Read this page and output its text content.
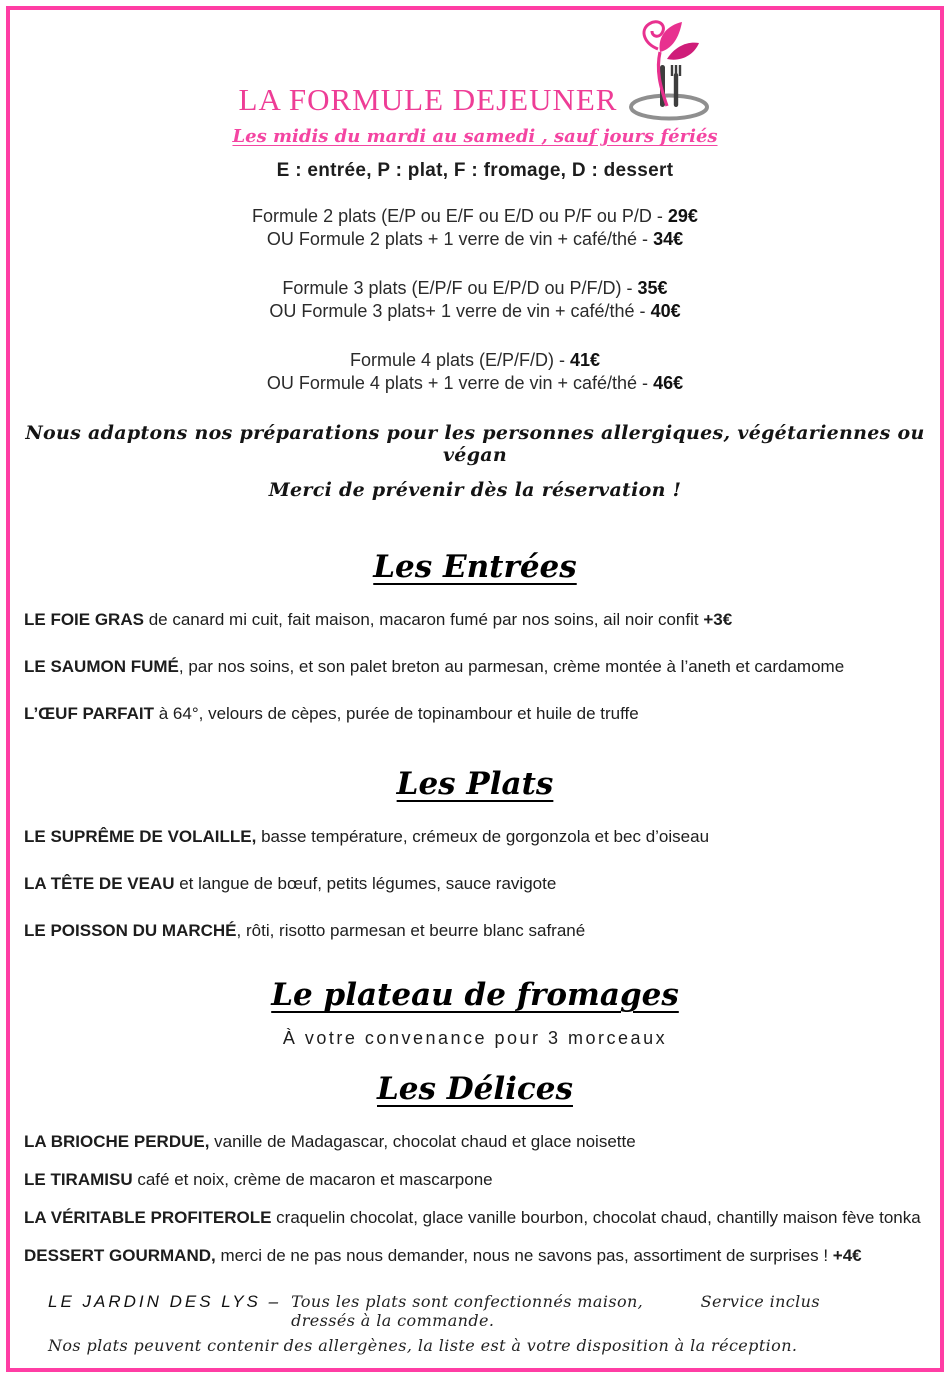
LA FORMULE DEJEUNER
Les midis du mardi au samedi , sauf jours fériés
E : entrée, P : plat, F : fromage, D : dessert
Formule 2 plats (E/P ou E/F ou E/D ou P/F ou P/D - 29€
OU Formule 2 plats + 1 verre de vin + café/thé - 34€
Formule 3 plats (E/P/F ou E/P/D ou P/F/D) - 35€
OU Formule 3 plats+ 1 verre de vin + café/thé - 40€
Formule 4 plats (E/P/F/D) - 41€
OU Formule 4 plats + 1 verre de vin + café/thé - 46€

Nous adaptons nos préparations pour les personnes allergiques, végétariennes ou végan

Merci de prévenir dès la réservation !

Les Entrées
LE FOIE GRAS de canard mi cuit, fait maison, macaron fumé par nos soins, ail noir confit +3€
LE SAUMON FUMÉ, par nos soins, et son palet breton au parmesan, crème montée à l’aneth et cardamome
L’ŒUF PARFAIT à 64°, velours de cèpes, purée de topinambour et huile de truffe
Les Plats
LE SUPRÊME DE VOLAILLE, basse température, crémeux de gorgonzola et bec d’oiseau
LA TÊTE DE VEAU et langue de bœuf, petits légumes, sauce ravigote
LE POISSON DU MARCHÉ, rôti, risotto parmesan et beurre blanc safrané
Le plateau de fromages
À votre convenance pour 3 morceaux
Les Délices
LA BRIOCHE PERDUE, vanille de Madagascar, chocolat chaud et glace noisette
LE TIRAMISU café et noix, crème de macaron et mascarpone
LA VÉRITABLE PROFITEROLE craquelin chocolat, glace vanille bourbon, chocolat chaud, chantilly maison fève tonka
DESSERT GOURMAND, merci de ne pas nous demander, nous ne savons pas, assortiment de surprises ! +4€
LE JARDIN DES LYS – Tous les plats sont confectionnés maison, dressés à la commande.
Service inclus
Nos plats peuvent contenir des allergènes, la liste est à votre disposition à la réception.
